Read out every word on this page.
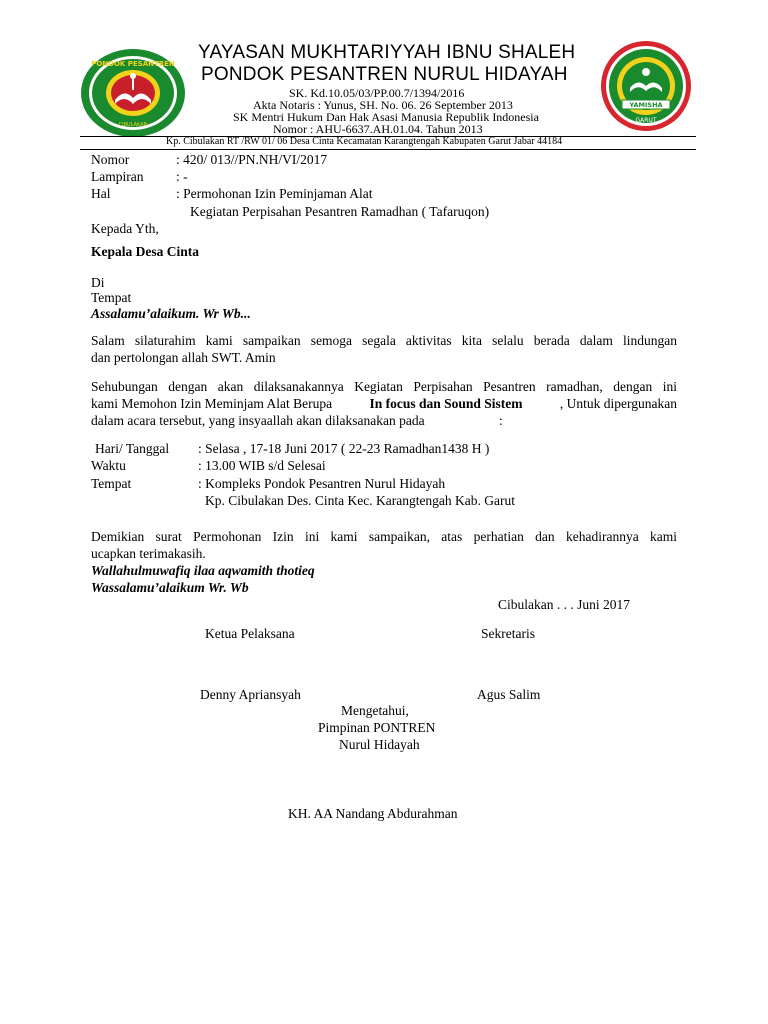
PONDOK PESANTREN
CIBULAKAN
YAMISHA
GARUT
YAYASAN MUKHTARIYYAH IBNU SHALEH
PONDOK PESANTREN NURUL HIDAYAH
SK. Kd.10.05/03/PP.00.7/1394/2016
Akta Notaris : Yunus, SH. No. 06. 26 September 2013
SK Mentri Hukum Dan Hak Asasi Manusia Republik Indonesia
Nomor : AHU-6637.AH.01.04. Tahun 2013
Kp. Cibulakan RT /RW 01/ 06 Desa Cinta Kecamatan Karangtengah Kabupaten Garut Jabar 44184
Nomor	: 420/ 013//PN.NH/VI/2017
Lampiran : -
Hal	: Permohonan Izin Peminjaman Alat
Kegiatan Perpisahan Pesantren Ramadhan ( Tafaruqon)
Kepada Yth,
Kepala Desa Cinta
Di
Tempat
Assalamu’alaikum. Wr Wb...
Salam silaturahim kami sampaikan semoga segala aktivitas kita selalu berada dalam lindungan
dan pertolongan allah SWT. Amin
Sehubungan dengan akan dilaksanakannya Kegiatan Perpisahan Pesantren ramadhan, dengan ini
kami Memohon Izin Meminjam Alat Berupa	In focus dan Sound Sistem	, Untuk dipergunakan
dalam acara tersebut, yang insyaallah akan dilaksanakan pada	:
Hari/ Tanggal : Selasa , 17-18 Juni 2017 ( 22-23 Ramadhan1438 H )
Waktu	: 13.00 WIB s/d Selesai
Tempat	: Kompleks Pondok Pesantren Nurul Hidayah
Kp. Cibulakan Des. Cinta Kec. Karangtengah Kab. Garut
Demikian surat Permohonan Izin ini kami sampaikan, atas perhatian dan kehadirannya kami
ucapkan terimakasih.
Wallahulmuwafiq ilaa aqwamith thotieq
Wassalamu’alaikum Wr. Wb
Cibulakan . . . Juni 2017
Ketua Pelaksana	Sekretaris
Denny Apriansyah	Agus Salim
Mengetahui,
Pimpinan PONTREN
Nurul Hidayah
KH. AA Nandang Abdurahman
